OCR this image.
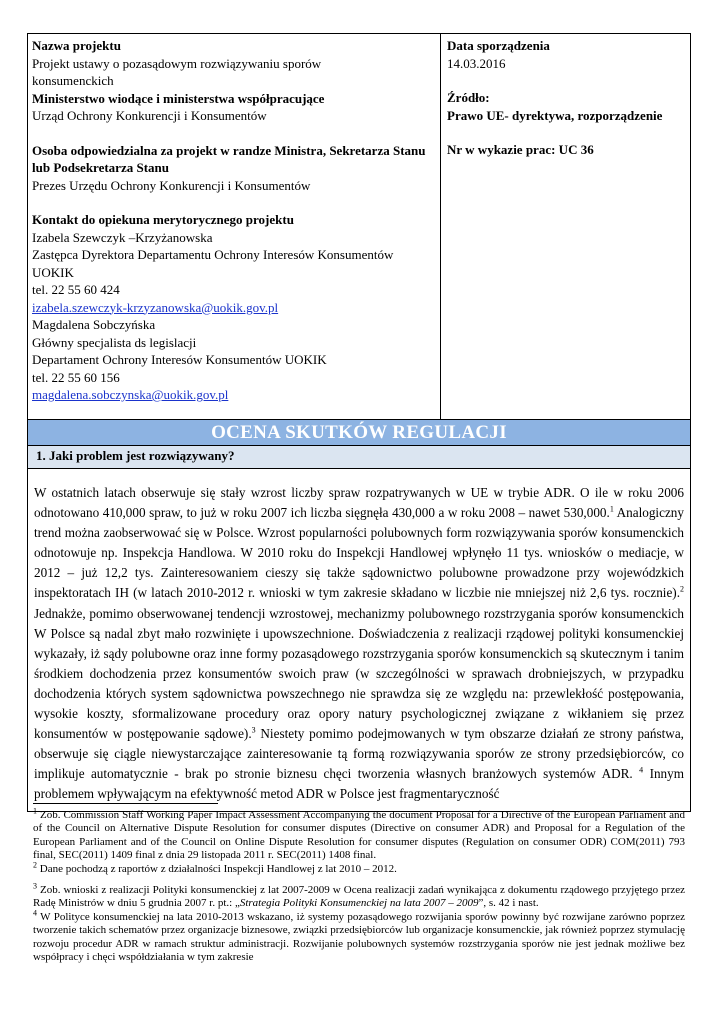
Nazwa projektu

Projekt ustawy o pozasądowym rozwiązywaniu sporów

konsumenckich

Ministerstwo wiodące i ministerstwa współpracujące

Urząd Ochrony Konkurencji i Konsumentów

Osoba odpowiedzialna za projekt w randze Ministra, Sekretarza Stanu

lub Podsekretarza Stanu

Prezes Urzędu Ochrony Konkurencji i Konsumentów

Kontakt do opiekuna merytorycznego projektu

Izabela Szewczyk –Krzyżanowska

Zastępca Dyrektora Departamentu Ochrony Interesów Konsumentów

UOKIK

tel. 22 55 60 424

izabela.szewczyk-krzyzanowska@uokik.gov.pl

Magdalena Sobczyńska

Główny specjalista ds legislacji

Departament Ochrony Interesów Konsumentów UOKIK

tel. 22 55 60 156

magdalena.sobczynska@uokik.gov.pl

Data sporządzenia

14.03.2016

Źródło:

Prawo UE- dyrektywa, rozporządzenie

Nr w wykazie prac: UC 36

OCENA SKUTKÓW REGULACJI

1. Jaki problem jest rozwiązywany?

W ostatnich latach obserwuje się stały wzrost liczby spraw rozpatrywanych w UE w trybie ADR. O ile w roku 2006 odnotowano 410,000 spraw, to już w roku 2007 ich liczba sięgnęła 430,000 a w roku 2008 – nawet 530,000.$^1$ Analogiczny trend można zaobserwować się w Polsce. Wzrost popularności polubownych form rozwiązywania sporów konsumenckich odnotowuje np. Inspekcja Handlowa. W 2010 roku do Inspekcji Handlowej wpłynęło 11 tys. wniosków o mediacje, w 2012 – już 12,2 tys. Zainteresowaniem cieszy się także sądownictwo polubowne prowadzone przy wojewódzkich inspektoratach IH (w latach 2010-2012 r. wnioski w tym zakresie składano w liczbie nie mniejszej niż 2,6 tys. rocznie).$^2$ Jednakże, pomimo obserwowanej tendencji wzrostowej, mechanizmy polubownego rozstrzygania sporów konsumenckich W Polsce są nadal zbyt mało rozwinięte i upowszechnione. Doświadczenia z realizacji rządowej polityki konsumenckiej wykazały, iż sądy polubowne oraz inne formy pozasądowego rozstrzygania sporów konsumenckich są skutecznym i tanim środkiem dochodzenia przez konsumentów swoich praw (w szczególności w sprawach drobniejszych, w przypadku dochodzenia których system sądownictwa powszechnego nie sprawdza się ze względu na: przewlekłość postępowania, wysokie koszty, sformalizowane procedury oraz opory natury psychologicznej związane z wikłaniem się przez konsumentów w postępowanie sądowe).$^3$ Niestety pomimo podejmowanych w tym obszarze działań ze strony państwa, obserwuje się ciągle niewystarczające zainteresowanie tą formą rozwiązywania sporów ze strony przedsiębiorców, co implikuje automatycznie - brak po stronie biznesu chęci tworzenia własnych branżowych systemów ADR. $^4$ Innym problemem wpływającym na efektywność metod ADR w Polsce jest fragmentaryczność

$^1$ Zob. Commission Staff Working Paper Impact Assessment Accompanying the document Proposal for a Directive of the European Parliament and of the Council on Alternative Dispute Resolution for consumer disputes (Directive on consumer ADR) and Proposal for a Regulation of the European Parliament and of the Council on Online Dispute Resolution for consumer disputes (Regulation on consumer ODR) COM(2011) 793 final, SEC(2011) 1409 final z dnia 29 listopada 2011 r. SEC(2011) 1408 final.

$^2$ Dane pochodzą z raportów z działalności Inspekcji Handlowej z lat 2010 – 2012.

$^3$ Zob. wnioski z realizacji Polityki konsumenckiej z lat 2007-2009 w Ocena realizacji zadań wynikająca z dokumentu rządowego przyjętego przez Radę Ministrów w dniu 5 grudnia 2007 r. pt.: „Strategia Polityki Konsumenckiej na lata 2007 – 2009”, s. 42 i nast.

$^4$ W Polityce konsumenckiej na lata 2010-2013 wskazano, iż systemy pozasądowego rozwijania sporów powinny być rozwijane zarówno poprzez tworzenie takich schematów przez organizacje biznesowe, związki przedsiębiorców lub organizacje konsumenckie, jak również poprzez stymulację rozwoju procedur ADR w ramach struktur administracji. Rozwijanie polubownych systemów rozstrzygania sporów nie jest jednak możliwe bez współpracy i chęci współdziałania w tym zakresie
